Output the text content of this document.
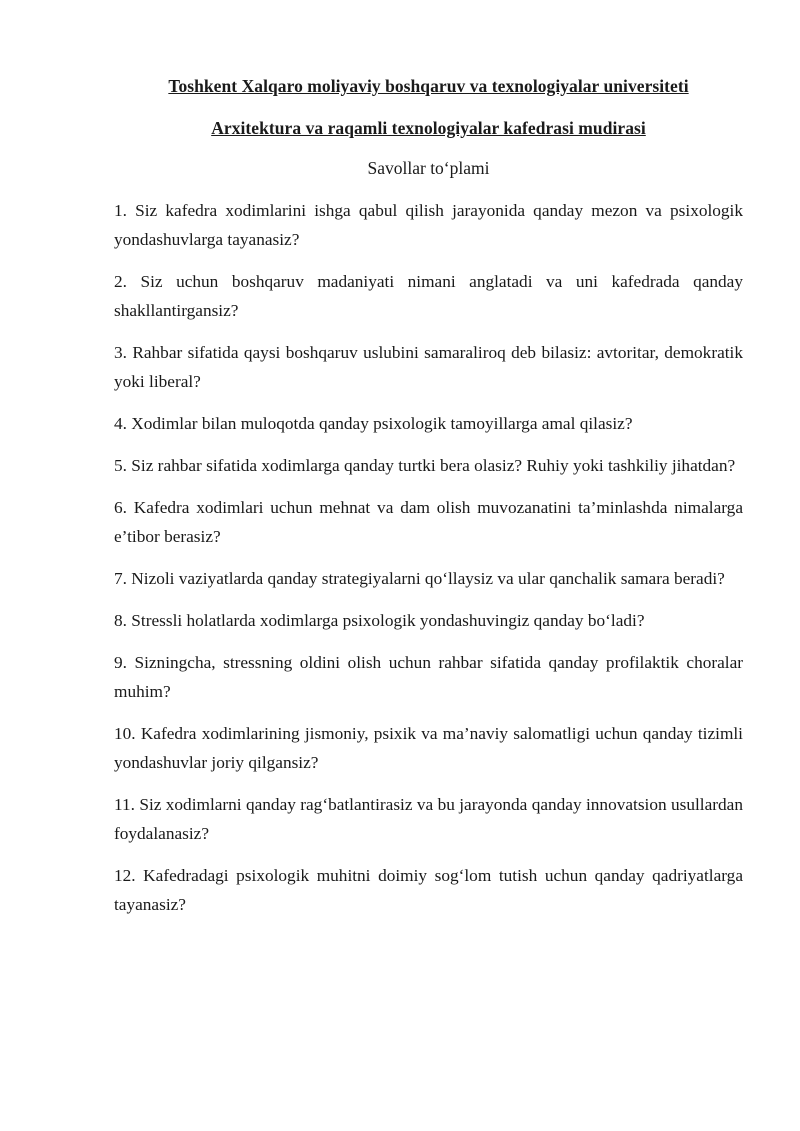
Toshkent Xalqaro moliyaviy boshqaruv va texnologiyalar universiteti
Arxitektura va raqamli texnologiyalar kafedrasi mudirasi
Savollar to‘plami
1. Siz kafedra xodimlarini ishga qabul qilish jarayonida qanday mezon va psixologik yondashuvlarga tayanasiz?
2. Siz uchun boshqaruv madaniyati nimani anglatadi va uni kafedrada qanday shakllantirgansiz?
3. Rahbar sifatida qaysi boshqaruv uslubini samaraliroq deb bilasiz: avtoritar, demokratik yoki liberal?
4. Xodimlar bilan muloqotda qanday psixologik tamoyillarga amal qilasiz?
5. Siz rahbar sifatida xodimlarga qanday turtki bera olasiz? Ruhiy yoki tashkiliy jihatdan?
6. Kafedra xodimlari uchun mehnat va dam olish muvozanatini ta’minlashda nimalarga e’tibor berasiz?
7. Nizoli vaziyatlarda qanday strategiyalarni qo‘llaysiz va ular qanchalik samara beradi?
8. Stressli holatlarda xodimlarga psixologik yondashuvingiz qanday bo‘ladi?
9. Sizningcha, stressning oldini olish uchun rahbar sifatida qanday profilaktik choralar muhim?
10. Kafedra xodimlarining jismoniy, psixik va ma’naviy salomatligi uchun qanday tizimli yondashuvlar joriy qilgansiz?
11. Siz xodimlarni qanday rag‘batlantirasiz va bu jarayonda qanday innovatsion usullardan foydalanasiz?
12. Kafedradagi psixologik muhitni doimiy sog‘lom tutish uchun qanday qadriyatlarga tayanasiz?
